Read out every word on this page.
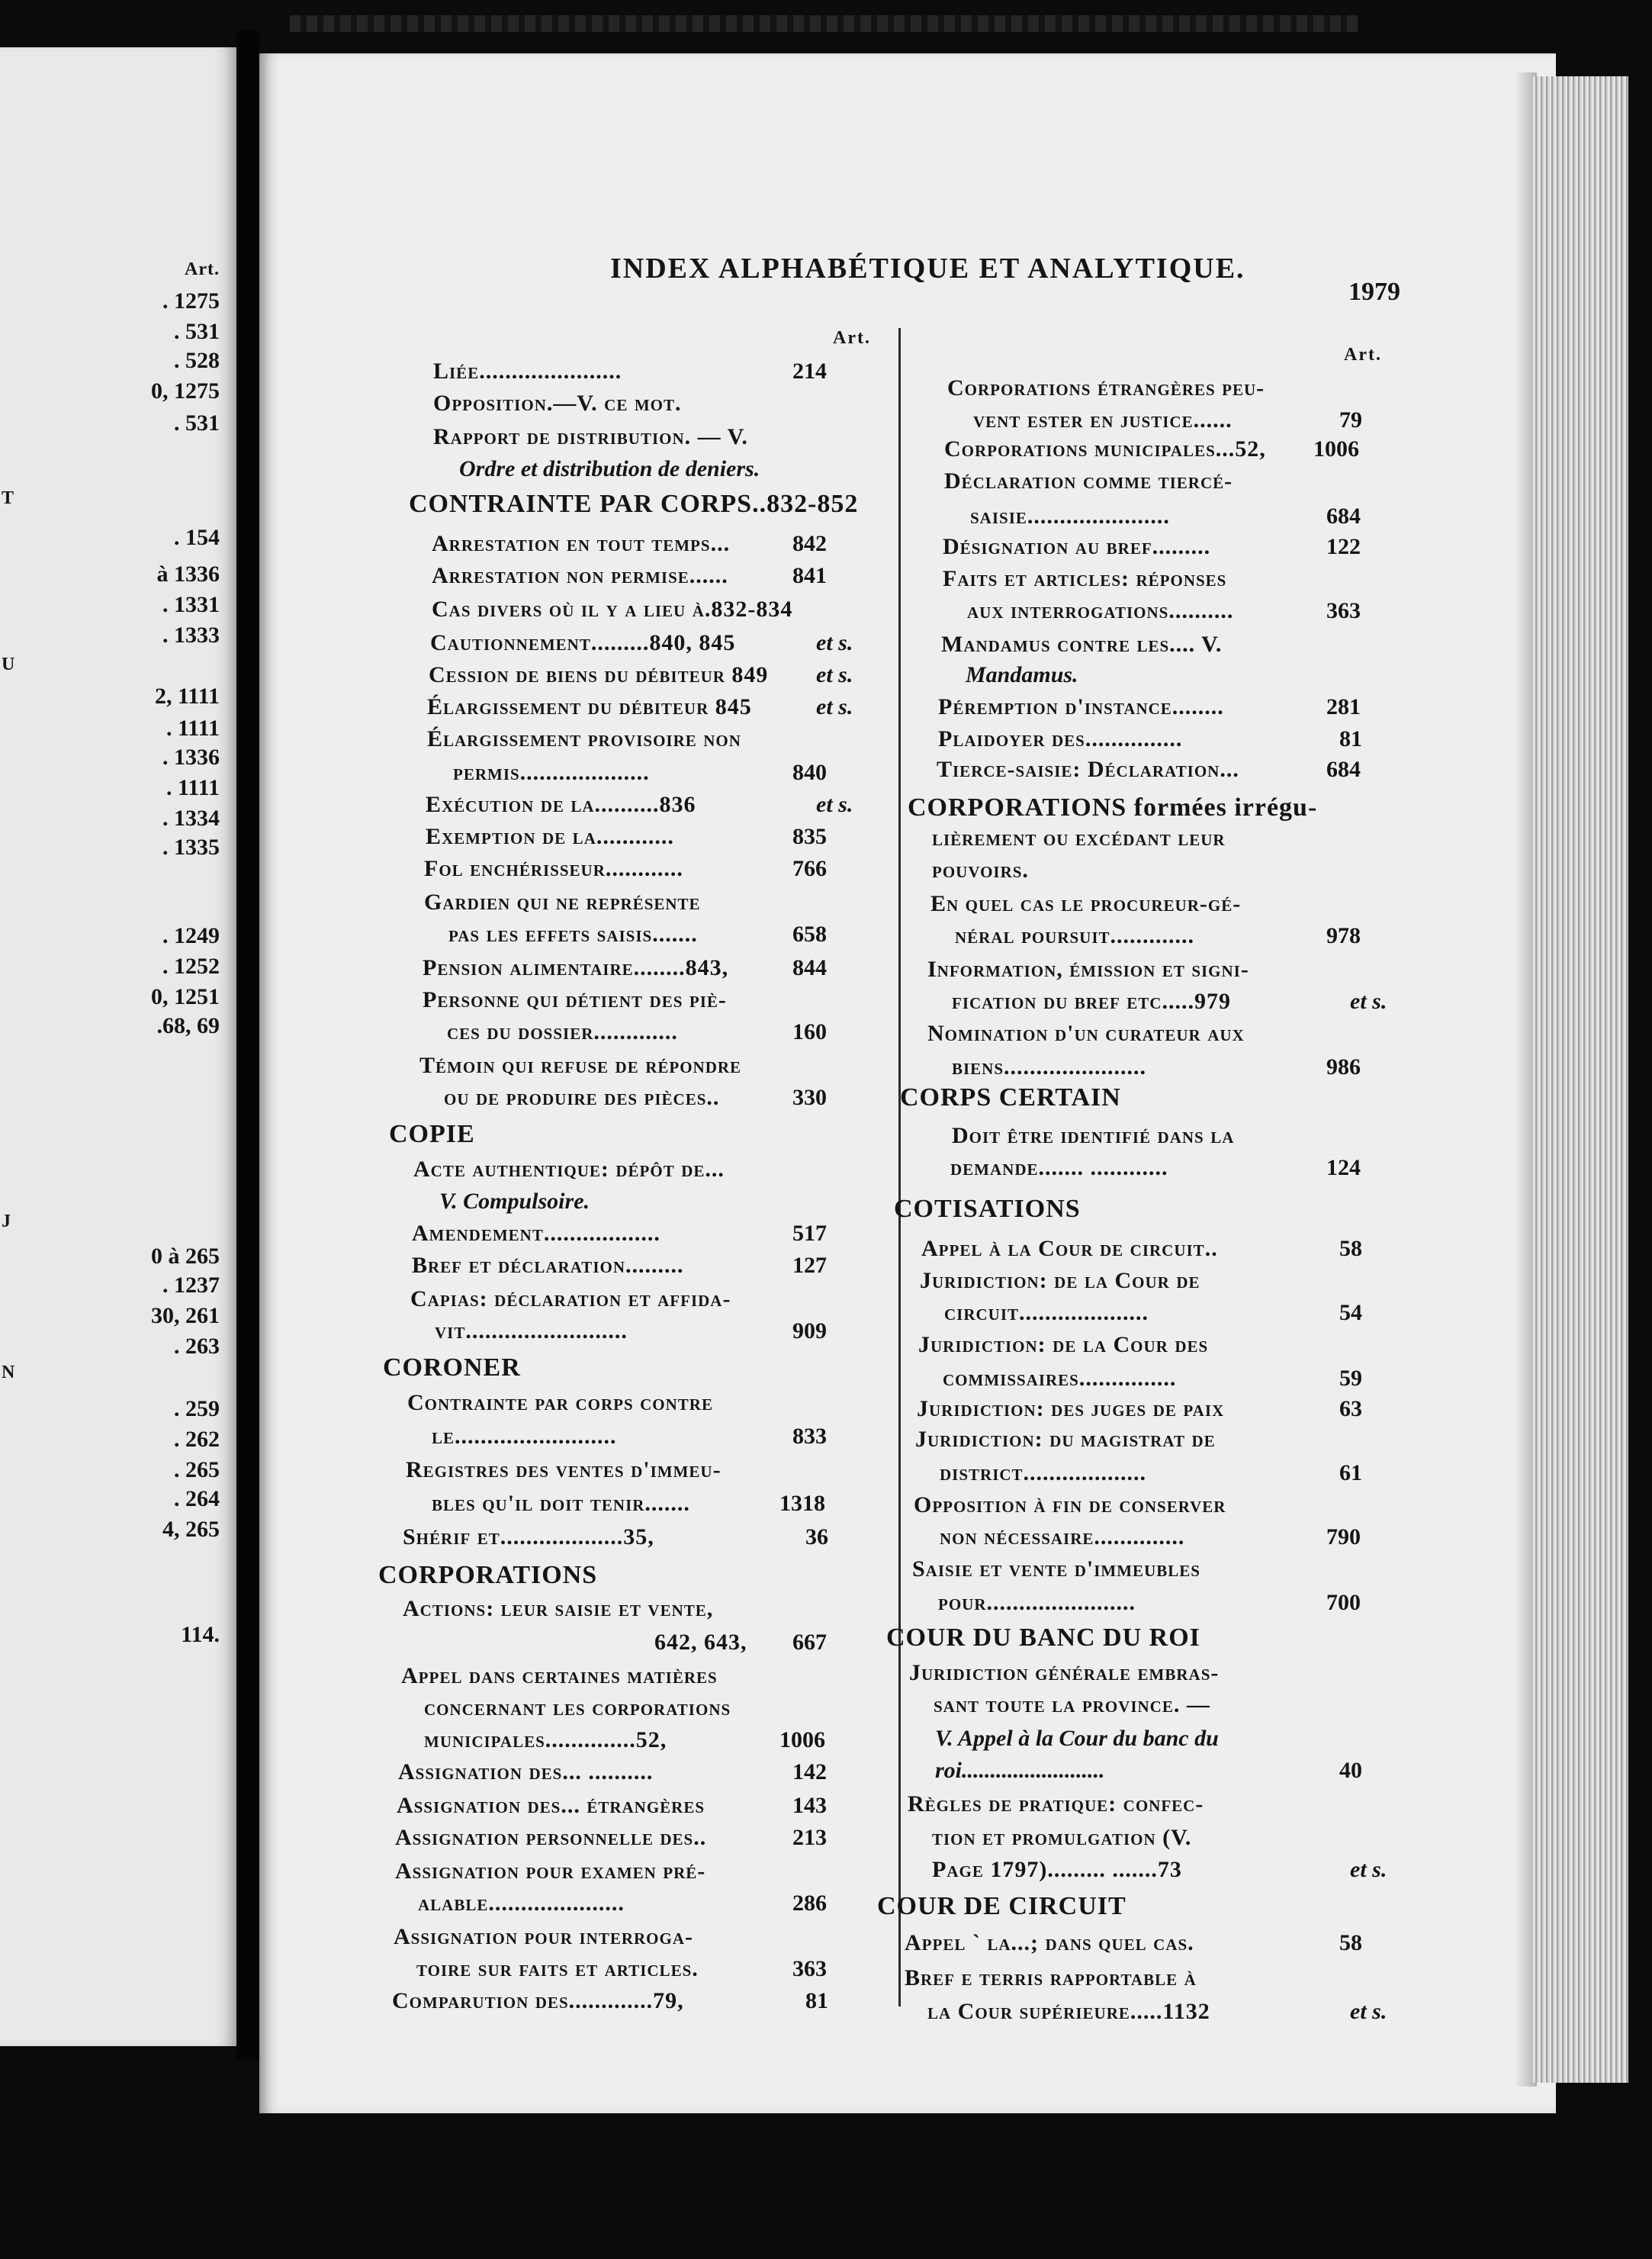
Art.
. 1275
. 531
. 528
0, 1275
. 531
T
. 154
à 1336
. 1331
. 1333
U
2, 1111
. 1111
. 1336
. 1111
. 1334
. 1335
. 1249
. 1252
0, 1251
.68, 69
J
0 à 265
. 1237
30, 261
. 263
N
. 259
. 262
. 265
. 264
4, 265
114.
INDEX ALPHABÉTIQUE ET ANALYTIQUE.
1979
Art.
Art.
Liée......................	214
Opposition.—V. ce mot.
Rapport de distribution. — V.
Ordre et distribution de deniers.
CONTRAINTE PAR CORPS..832-852
Arrestation en tout temps...	842
Arrestation non permise......	841
Cas divers où il y a lieu à.832-834
Cautionnement.........840, 845	et s.
Cession de biens du débiteur 849 et s.
Élargissement du débiteur 845	et s.
Élargissement provisoire non
permis....................	840
Exécution de la..........836	et s.
Exemption de la............	835
Fol enchérisseur............	766
Gardien qui ne représente
pas les effets saisis.......	658
Pension alimentaire........843,	844
Personne qui détient des piè-
ces du dossier.............	160
Témoin qui refuse de répondre
ou de produire des pièces..	330
COPIE
Acte authentique: dépôt de...
V. Compulsoire.
Amendement..................	517
Bref et déclaration.........	127
Capias: déclaration et affida-
vit.........................	909
CORONER
Contrainte par corps contre
le.........................	833
Registres des ventes d'immeu-
bles qu'il doit tenir.......	1318
Shérif et...................35,	36
CORPORATIONS
Actions: leur saisie et vente,
642, 643, 667
Appel dans certaines matières
concernant les corporations
municipales..............52,	1006
Assignation des... ..........	142
Assignation des... étrangères	143
Assignation personnelle des..	213
Assignation pour examen pré-
alable.....................	286
Assignation pour interroga-
toire sur faits et articles.	363
Comparution des.............79,	81
Corporations étrangères peu-
vent ester en justice......	79
Corporations municipales...52, 1006
Déclaration comme tiercé-
saisie......................	684
Désignation au bref.........	122
Faits et articles: réponses
aux interrogations..........	363
Mandamus contre les.... V.
Mandamus.
Péremption d'instance........	281
Plaidoyer des...............	81
Tierce-saisie: Déclaration...	684
CORPORATIONS formées irrégu-
lièrement ou excédant leur
pouvoirs.
En quel cas le procureur-gé-
néral poursuit.............	978
Information, émission et signi-
fication du bref etc.....979	et s.
Nomination d'un curateur aux
biens......................	986
CORPS CERTAIN
Doit être identifié dans la
demande....... ............	124
COTISATIONS
Appel à la Cour de circuit..	58
Juridiction: de la Cour de
circuit....................	54
Juridiction: de la Cour des
commissaires...............	59
Juridiction: des juges de paix	63
Juridiction: du magistrat de
district...................	61
Opposition à fin de conserver
non nécessaire..............	790
Saisie et vente d'immeubles
pour.......................	700
COUR DU BANC DU ROI
Juridiction générale embras-
sant toute la province. —
V. Appel à la Cour du banc du
roi.........................	40
Règles de pratique: confec-
tion et promulgation (V.
Page 1797)......... .......73	et s.
COUR DE CIRCUIT
Appel ` la...; dans quel cas.	58
Bref e terris rapportable à
la Cour supérieure.....1132	et s.
